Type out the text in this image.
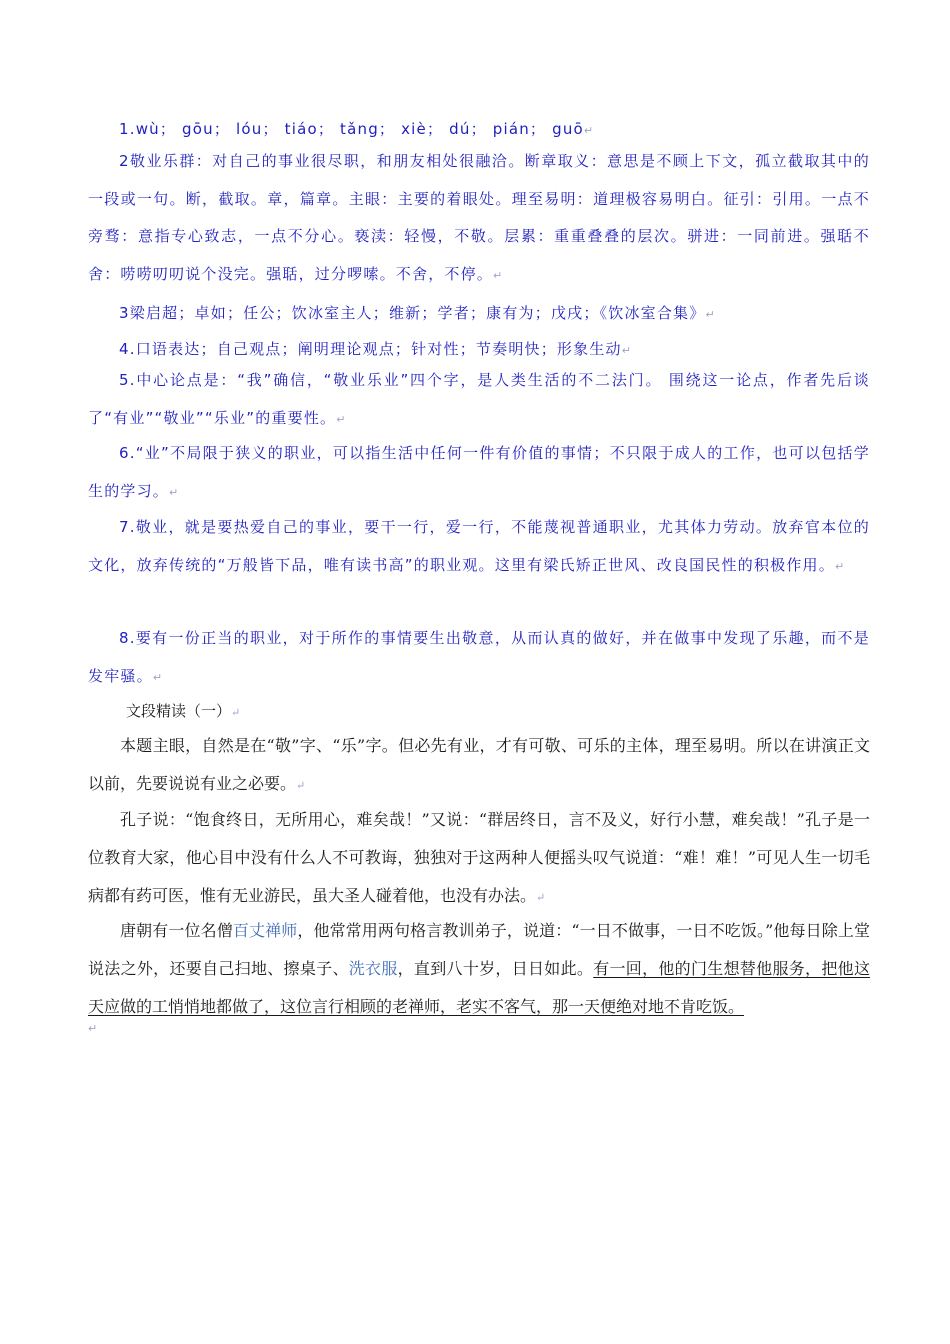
1.wù； gōu； lóu； tiáo； tǎng； xiè； dú； pián； guō↵

2敬业乐群：对自己的事业很尽职，和朋友相处很融洽。断章取义：意思是不顾上下文，孤立截取其中的一段或一句。断，截取。章，篇章。主眼：主要的着眼处。理至易明：道理极容易明白。征引：引用。一点不旁骛：意指专心致志，一点不分心。亵渎：轻慢，不敬。层累：重重叠叠的层次。骈进：一同前进。强聒不舍：唠唠叨叨说个没完。强聒，过分啰嗦。不舍，不停。↵

3梁启超；卓如；任公；饮冰室主人；维新；学者；康有为；戊戌；《饮冰室合集》↵

4.口语表达；自己观点；阐明理论观点；针对性；节奏明快；形象生动↵

5.中心论点是：“我”确信，“敬业乐业”四个字，是人类生活的不二法门。 围绕这一论点，作者先后谈了“有业”“敬业”“乐业”的重要性。↵

6.“业”不局限于狭义的职业，可以指生活中任何一件有价值的事情；不只限于成人的工作，也可以包括学生的学习。↵

7.敬业，就是要热爱自己的事业，要干一行，爱一行，不能蔑视普通职业，尤其体力劳动。放弃官本位的文化，放弃传统的“万般皆下品，唯有读书高”的职业观。这里有梁氏矫正世风、改良国民性的积极作用。↵

8.要有一份正当的职业，对于所作的事情要生出敬意，从而认真的做好，并在做事中发现了乐趣，而不是发牢骚。↵

文段精读（一）↵

本题主眼，自然是在“敬”字、“乐”字。但必先有业，才有可敬、可乐的主体，理至易明。所以在讲演正文以前，先要说说有业之必要。↵

孔子说：“饱食终日，无所用心，难矣哉！”又说：“群居终日，言不及义，好行小慧，难矣哉！”孔子是一位教育大家，他心目中没有什么人不可教诲，独独对于这两种人便摇头叹气说道：“难！难！”可见人生一切毛病都有药可医，惟有无业游民，虽大圣人碰着他，也没有办法。↵

唐朝有一位名僧百丈禅师，他常常用两句格言教训弟子，说道：“一日不做事，一日不吃饭。”他每日除上堂说法之外，还要自己扫地、擦桌子、洗衣服，直到八十岁，日日如此。有一回，他的门生想替他服务，把他这天应做的工悄悄地都做了，这位言行相顾的老禅师，老实不客气，那一天便绝对地不肯吃饭。

↵
